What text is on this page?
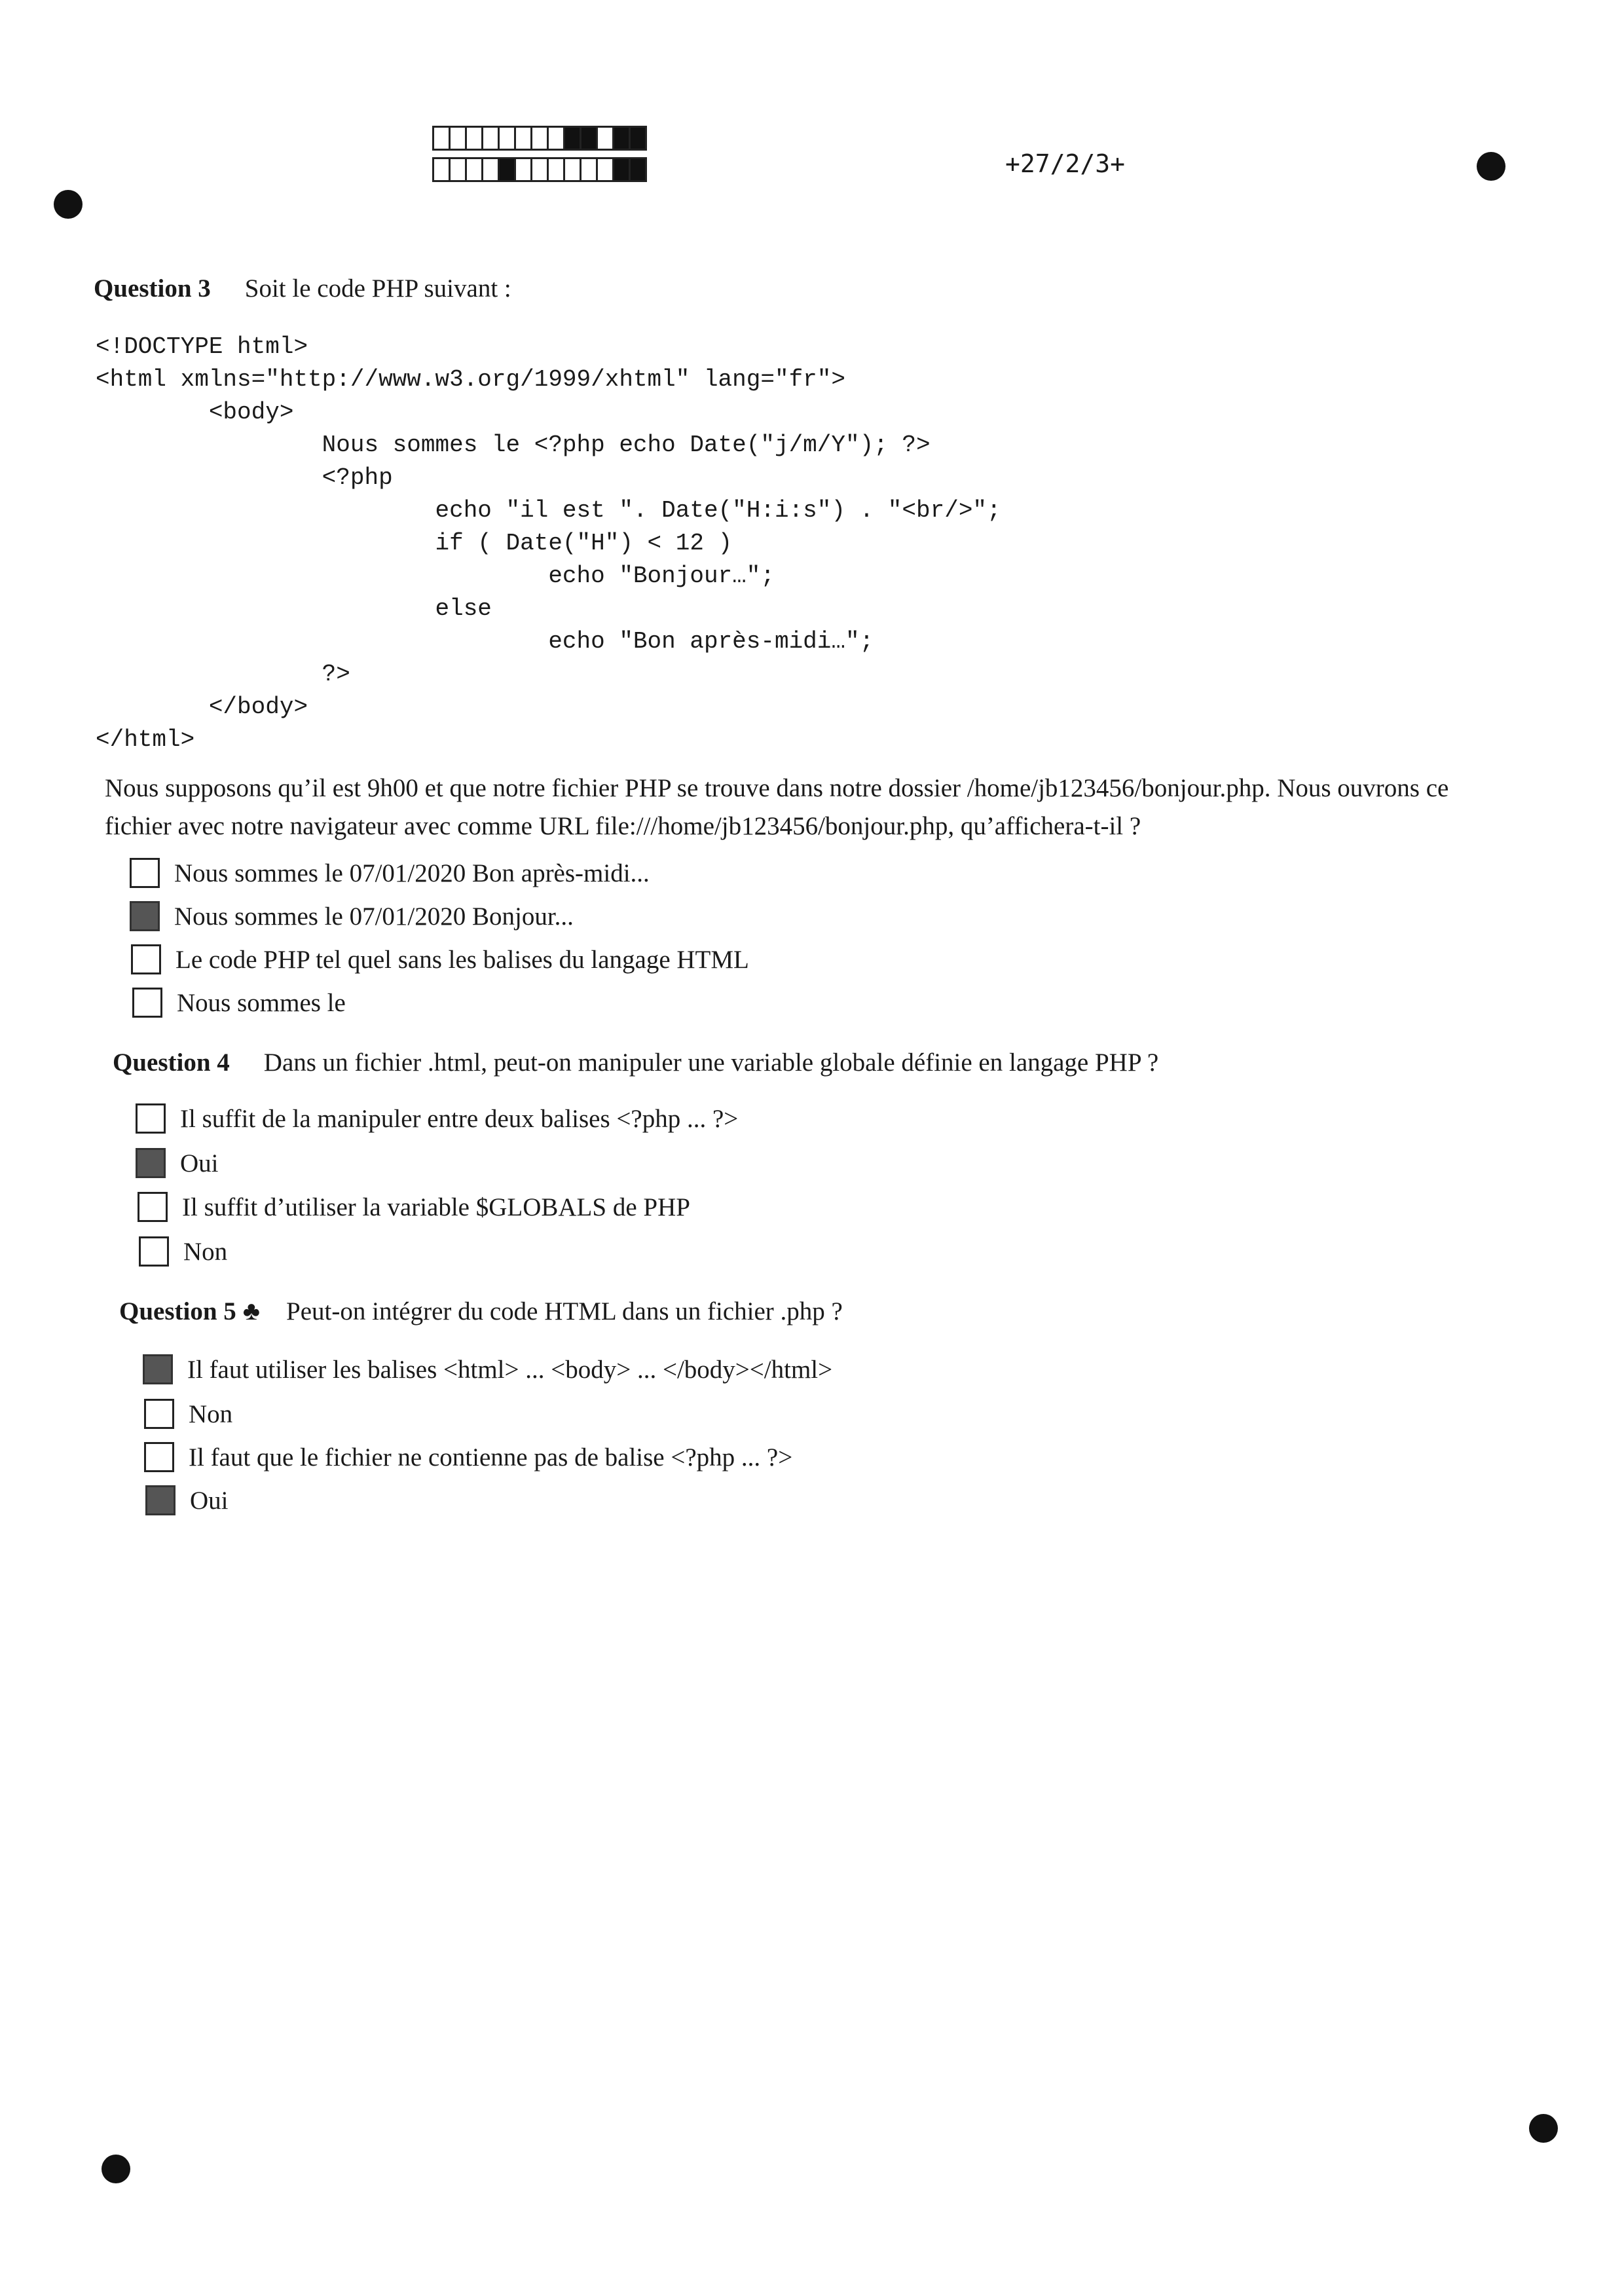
+27/2/3+
Question 3 Soit le code PHP suivant :
<!DOCTYPE html>
<html xmlns="http://www.w3.org/1999/xhtml" lang="fr">
<body>
Nous sommes le <?php echo Date("j/m/Y"); ?>
<?php
echo "il est ". Date("H:i:s") . "<br/>";
if ( Date("H") < 12 )
echo "Bonjour…";
else
echo "Bon après-midi…";
?>
</body>
</html>
Nous supposons qu’il est 9h00 et que notre fichier PHP se trouve dans notre dossier /home/jb123456/bonjour.php. Nous ouvrons ce fichier avec notre navigateur avec comme URL file:///home/jb123456/bonjour.php, qu’affichera-t-il ?
Nous sommes le 07/01/2020 Bon après-midi...
Nous sommes le 07/01/2020 Bonjour...
Le code PHP tel quel sans les balises du langage HTML
Nous sommes le
Question 4 Dans un fichier .html, peut-on manipuler une variable globale définie en langage PHP ?
Il suffit de la manipuler entre deux balises <?php ... ?>
Oui
Il suffit d’utiliser la variable $GLOBALS de PHP
Non
Question 5 ♣ Peut-on intégrer du code HTML dans un fichier .php ?
Il faut utiliser les balises <html> ... <body> ... </body></html>
Non
Il faut que le fichier ne contienne pas de balise <?php ... ?>
Oui
